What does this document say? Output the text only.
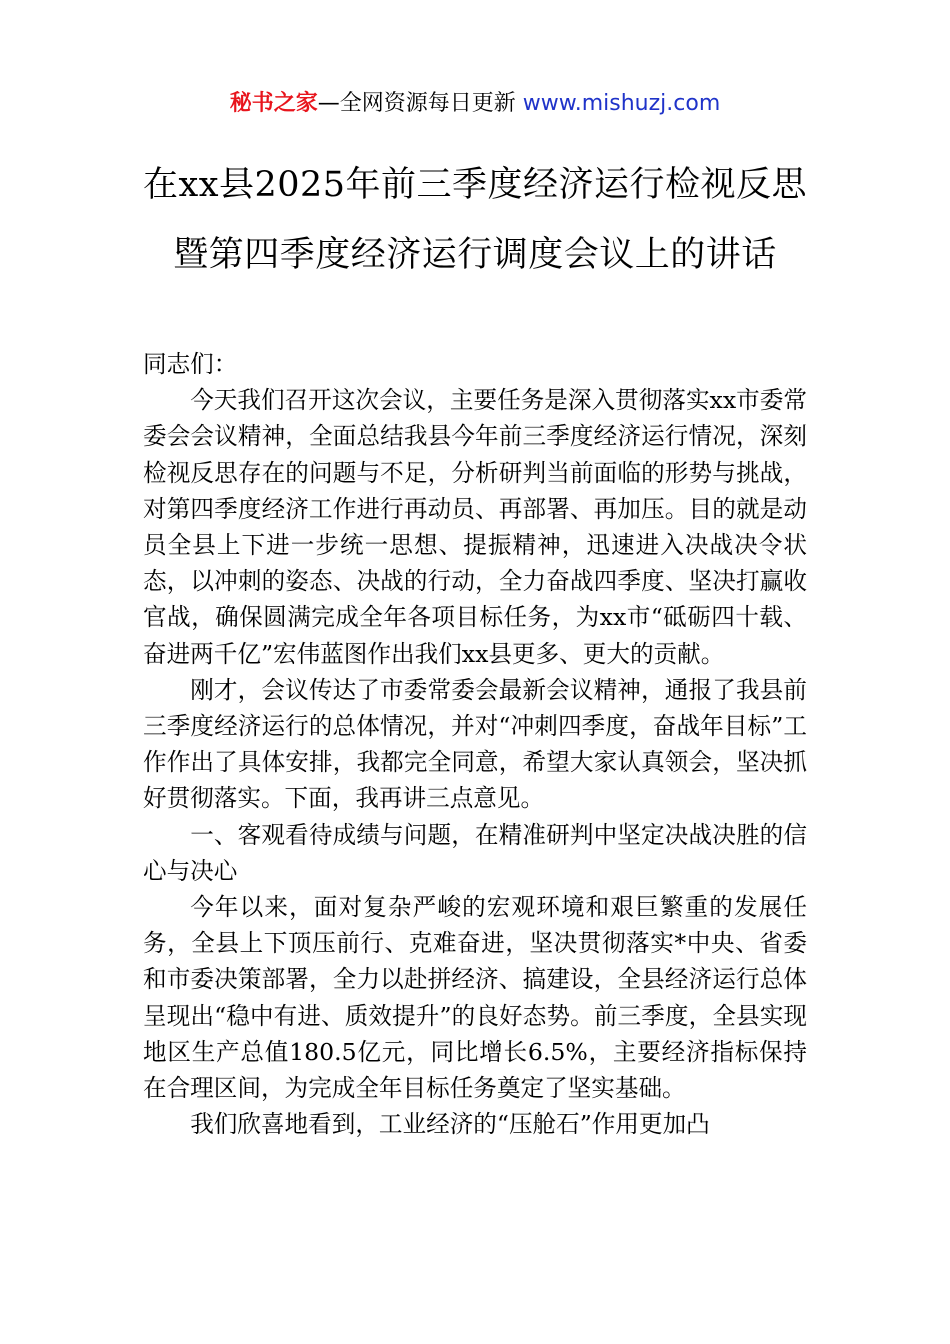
秘书之家—全网资源每日更新 www.mishuzj.com
在xx县2025年前三季度经济运行检视反思
暨第四季度经济运行调度会议上的讲话

同志们：

今天我们召开这次会议，主要任务是深入贯彻落实xx市委常委会会议精神，全面总结我县今年前三季度经济运行情况，深刻检视反思存在的问题与不足，分析研判当前面临的形势与挑战，对第四季度经济工作进行再动员、再部署、再加压。目的就是动员全县上下进一步统一思想、提振精神，迅速进入决战决令状态，以冲刺的姿态、决战的行动，全力奋战四季度、坚决打赢收官战，确保圆满完成全年各项目标任务，为xx市“砥砺四十载、奋进两千亿”宏伟蓝图作出我们xx县更多、更大的贡献。

刚才，会议传达了市委常委会最新会议精神，通报了我县前三季度经济运行的总体情况，并对“冲刺四季度，奋战年目标”工作作出了具体安排，我都完全同意，希望大家认真领会，坚决抓好贯彻落实。下面，我再讲三点意见。

一、客观看待成绩与问题，在精准研判中坚定决战决胜的信心与决心

今年以来，面对复杂严峻的宏观环境和艰巨繁重的发展任务，全县上下顶压前行、克难奋进，坚决贯彻落实*中央、省委和市委决策部署，全力以赴拼经济、搞建设，全县经济运行总体呈现出“稳中有进、质效提升”的良好态势。前三季度，全县实现地区生产总值180.5亿元，同比增长6.5%，主要经济指标保持在合理区间，为完成全年目标任务奠定了坚实基础。

我们欣喜地看到，工业经济的“压舱石”作用更加凸
